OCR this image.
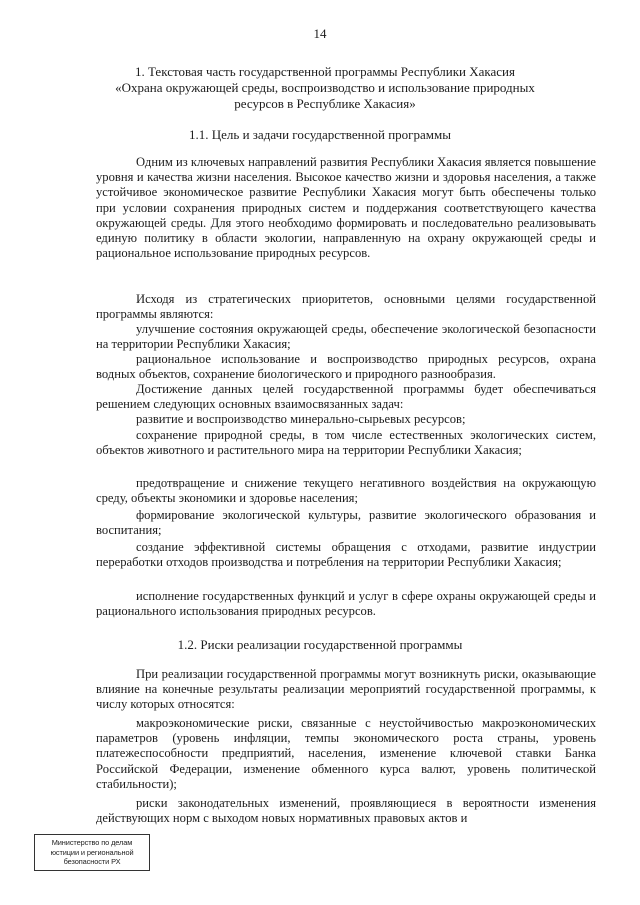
14
1. Текстовая часть государственной программы Республики Хакасия
«Охрана окружающей среды, воспроизводство и использование природных
ресурсов в Республике Хакасия»
1.1. Цель и задачи государственной программы

Одним из ключевых направлений развития Республики Хакасия является повышение уровня и качества жизни населения. Высокое качество жизни и здоровья населения, а также устойчивое экономическое развитие Республики Хакасия могут быть обеспечены только при условии сохранения природных систем и поддержания соответствующего качества окружающей среды. Для этого необходимо формировать и последовательно реализовывать единую политику в области экологии, направленную на охрану окружающей среды и рациональное использование природных ресурсов.

Исходя из стратегических приоритетов, основными целями государственной программы являются:

улучшение состояния окружающей среды, обеспечение экологической безопасности на территории Республики Хакасия;

рациональное использование и воспроизводство природных ресурсов, охрана водных объектов, сохранение биологического и природного разнообразия.

Достижение данных целей государственной программы будет обеспечиваться решением следующих основных взаимосвязанных задач:

развитие и воспроизводство минерально-сырьевых ресурсов;

сохранение природной среды, в том числе естественных экологических систем, объектов животного и растительного мира на территории Республики Хакасия;

предотвращение и снижение текущего негативного воздействия на окружающую среду, объекты экономики и здоровье населения;

формирование экологической культуры, развитие экологического образования и воспитания;

создание эффективной системы обращения с отходами, развитие индустрии переработки отходов производства и потребления на территории Республики Хакасия;

исполнение государственных функций и услуг в сфере охраны окружающей среды и рационального использования природных ресурсов.

1.2. Риски реализации государственной программы

При реализации государственной программы могут возникнуть риски, оказывающие влияние на конечные результаты реализации мероприятий государственной программы, к числу которых относятся:

макроэкономические риски, связанные с неустойчивостью макроэкономических параметров (уровень инфляции, темпы экономического роста страны, уровень платежеспособности предприятий, населения, изменение ключевой ставки Банка Российской Федерации, изменение обменного курса валют, уровень политической стабильности);

риски законодательных изменений, проявляющиеся в вероятности изменения действующих норм с выходом новых нормативных правовых актов и

Министерство по делам
юстиции и региональной
безопасности РХ
